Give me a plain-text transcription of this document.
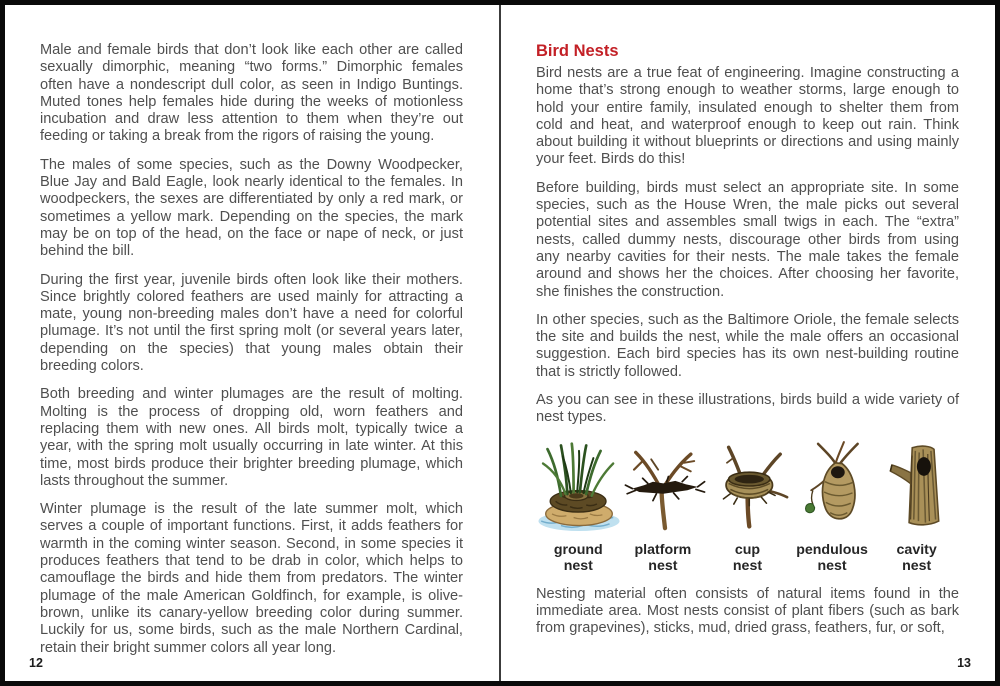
Male and female birds that don’t look like each other are called sexually dimorphic, meaning “two forms.” Dimorphic females often have a nondescript dull color, as seen in Indigo Buntings. Muted tones help females hide during the weeks of motionless incubation and draw less attention to them when they’re out feeding or taking a break from the rigors of raising the young.

The males of some species, such as the Downy Woodpecker, Blue Jay and Bald Eagle, look nearly identical to the females. In woodpeckers, the sexes are differentiated by only a red mark, or sometimes a yellow mark. Depending on the species, the mark may be on top of the head, on the face or nape of neck, or just behind the bill.

During the first year, juvenile birds often look like their mothers. Since brightly colored feathers are used mainly for attracting a mate, young non-breeding males don’t have a need for colorful plumage. It’s not until the first spring molt (or several years later, depending on the species) that young males obtain their breeding colors.

Both breeding and winter plumages are the result of molting. Molting is the process of dropping old, worn feathers and replacing them with new ones. All birds molt, typically twice a year, with the spring molt usually occurring in late winter. At this time, most birds produce their brighter breeding plumage, which lasts throughout the summer.

Winter plumage is the result of the late summer molt, which serves a couple of important functions. First, it adds feathers for warmth in the coming winter season. Second, in some species it produces feathers that tend to be drab in color, which helps to camouflage the birds and hide them from predators. The winter plumage of the male American Goldfinch, for example, is olive-brown, unlike its canary-yellow breeding color during summer. Luckily for us, some birds, such as the male Northern Cardinal, retain their bright summer colors all year long.

12
Bird Nests

Bird nests are a true feat of engineering. Imagine constructing a home that’s strong enough to weather storms, large enough to hold your entire family, insulated enough to shelter them from cold and heat, and waterproof enough to keep out rain. Think about building it without blueprints or directions and using mainly your feet. Birds do this!

Before building, birds must select an appropriate site. In some species, such as the House Wren, the male picks out several potential sites and assembles small twigs in each. The “extra” nests, called dummy nests, discourage other birds from using any nearby cavities for their nests. The male takes the female around and shows her the choices. After choosing her favorite, she finishes the construction.

In other species, such as the Baltimore Oriole, the female selects the site and builds the nest, while the male offers an occasional suggestion. Each bird species has its own nest-building routine that is strictly followed.

As you can see in these illustrations, birds build a wide variety of nest types.

ground
nest
platform
nest
cup
nest
pendulous
nest
cavity
nest

Nesting material often consists of natural items found in the immediate area. Most nests consist of plant fibers (such as bark from grapevines), sticks, mud, dried grass, feathers, fur, or soft,

13
